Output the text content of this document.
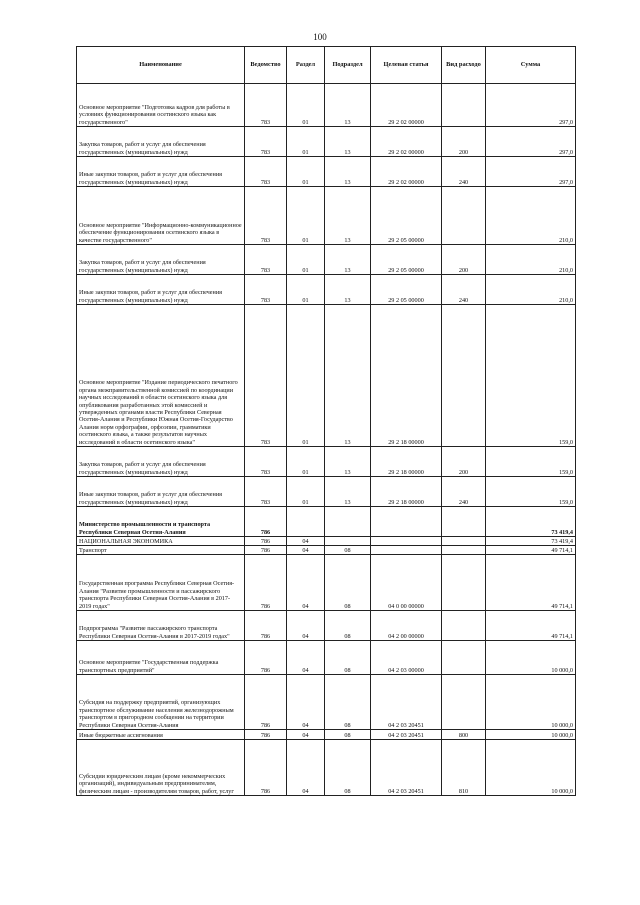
100
Наименование	Ведомство	Раздел	Подраздел	Целевая статья	Вид расходо	Сумма
Основное мероприятие "Подготовка кадров для работы в условиях функционирования осетинского языка как государственного"	783	01	13	29 2 02 00000		297,0
Закупка товаров, работ и услуг для обеспечения государственных (муниципальных) нужд	783	01	13	29 2 02 00000	200	297,0
Иные закупки товаров, работ и услуг для обеспечения государственных (муниципальных) нужд	783	01	13	29 2 02 00000	240	297,0
Основное мероприятие "Информационно-коммуникационное обеспечение функционирования осетинского языка в качестве государственного"	783	01	13	29 2 05 00000		210,0
Закупка товаров, работ и услуг для обеспечения государственных (муниципальных) нужд	783	01	13	29 2 05 00000	200	210,0
Иные закупки товаров, работ и услуг для обеспечения государственных (муниципальных) нужд	783	01	13	29 2 05 00000	240	210,0
Основное мероприятие "Издание периодического печатного органа межправительственной комиссией по координации научных исследований в области осетинского языка для опубликования разработанных этой комиссией и утвержденных органами власти Республики Северная Осетия-Алания и Республики Южная Осетия-Государство Алания норм орфографии, орфоэпии, грамматики осетинского языка, а также результатов научных исследований в области осетинского языка"	783	01	13	29 2 18 00000		159,0
Закупка товаров, работ и услуг для обеспечения государственных (муниципальных) нужд	783	01	13	29 2 18 00000	200	159,0
Иные закупки товаров, работ и услуг для обеспечения государственных (муниципальных) нужд	783	01	13	29 2 18 00000	240	159,0
Министерство промышленности и транспорта Республики Северная Осетия-Алания	786					73 419,4
НАЦИОНАЛЬНАЯ ЭКОНОМИКА	786	04				73 419,4
Транспорт	786	04	08			49 714,1
Государственная программа Республики Северная Осетия-Алания "Развитие промышленности и пассажирского транспорта Республики Северная Осетия-Алания в 2017-2019 годах"	786	04	08	04 0 00 00000		49 714,1
Подпрограмма "Развитие пассажирского транспорта Республики Северная Осетия-Алания в 2017-2019 годах"	786	04	08	04 2 00 00000		49 714,1
Основное мероприятие "Государственная поддержка транспортных предприятий"	786	04	08	04 2 03 00000		10 000,0
Субсидия на поддержку предприятий, организующих транспортное обслуживание населения железнодорожным транспортом в пригородном сообщении на территории Республики Северная Осетия-Алания	786	04	08	04 2 03 20451		10 000,0
Иные бюджетные ассигнования	786	04	08	04 2 03 20451	800	10 000,0
Субсидии юридическим лицам (кроме некоммерческих организаций), индивидуальным предпринимателям, физическим лицам - производителям товаров, работ, услуг	786	04	08	04 2 03 20451	810	10 000,0
